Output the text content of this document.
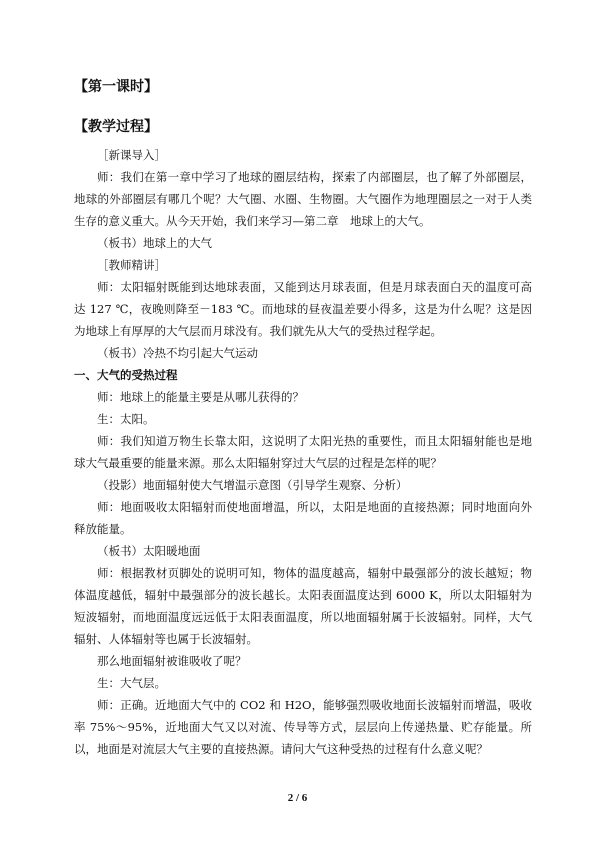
【第一课时】
【教学过程】

［新课导入］

师：我们在第一章中学习了地球的圈层结构，探索了内部圈层，也了解了外部圈层，地球的外部圈层有哪几个呢？大气圈、水圈、生物圈。大气圈作为地理圈层之一对于人类生存的意义重大。从今天开始，我们来学习—第二章　地球上的大气。

（板书）地球上的大气

［教师精讲］

师：太阳辐射既能到达地球表面，又能到达月球表面，但是月球表面白天的温度可高达 127 ℃，夜晚则降至－183 ℃。而地球的昼夜温差要小得多，这是为什么呢？这是因为地球上有厚厚的大气层而月球没有。我们就先从大气的受热过程学起。

（板书）冷热不均引起大气运动

一、大气的受热过程

师：地球上的能量主要是从哪儿获得的？

生：太阳。

师：我们知道万物生长靠太阳，这说明了太阳光热的重要性，而且太阳辐射能也是地球大气最重要的能量来源。那么太阳辐射穿过大气层的过程是怎样的呢？

（投影）地面辐射使大气增温示意图（引导学生观察、分析）

师：地面吸收太阳辐射而使地面增温，所以，太阳是地面的直接热源；同时地面向外释放能量。

（板书）太阳暖地面

师：根据教材页脚处的说明可知，物体的温度越高，辐射中最强部分的波长越短；物体温度越低，辐射中最强部分的波长越长。太阳表面温度达到 6000 K，所以太阳辐射为短波辐射，而地面温度远远低于太阳表面温度，所以地面辐射属于长波辐射。同样，大气辐射、人体辐射等也属于长波辐射。

那么地面辐射被谁吸收了呢？

生：大气层。

师：正确。近地面大气中的 CO2 和 H2O，能够强烈吸收地面长波辐射而增温，吸收率 75%～95%，近地面大气又以对流、传导等方式，层层向上传递热量、贮存能量。所以，地面是对流层大气主要的直接热源。请问大气这种受热的过程有什么意义呢？

2 / 6
